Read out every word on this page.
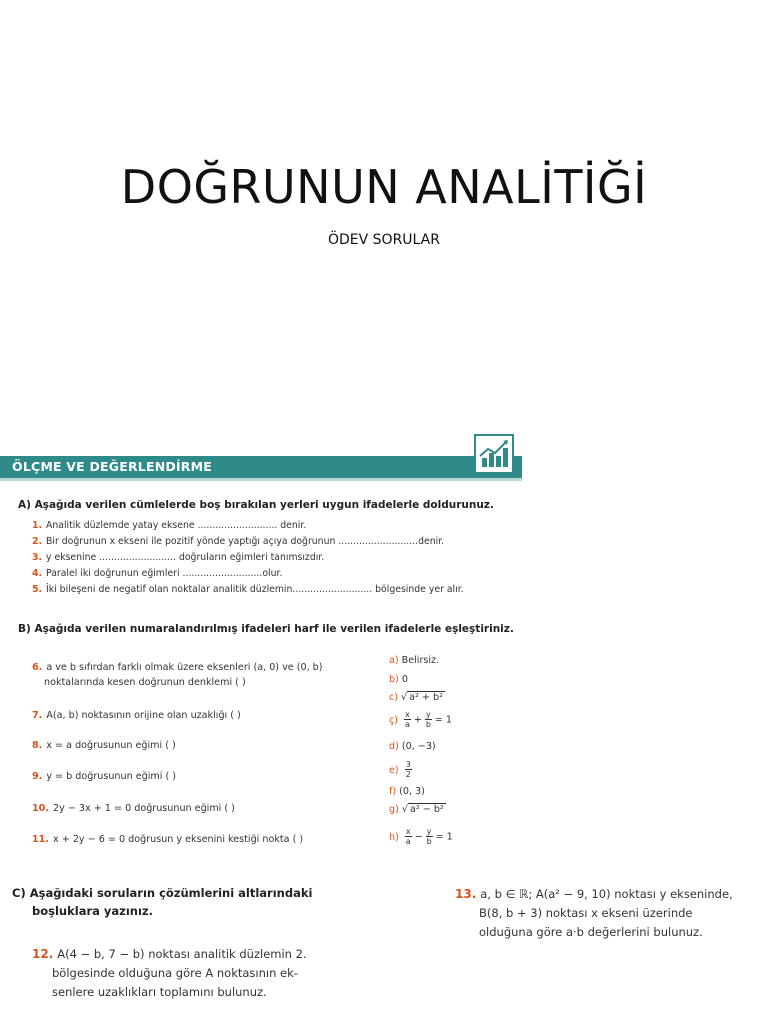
DOĞRUNUN ANALİTİĞİ
ÖDEV SORULAR
ÖLÇME VE DEĞERLENDİRME
A) Aşağıda verilen cümlelerde boş bırakılan yerleri uygun ifadelerle doldurunuz.
1. Analitik düzlemde yatay eksene ........................... denir.
2. Bir doğrunun x ekseni ile pozitif yönde yaptığı açıya doğrunun ...........................denir.
3. y eksenine .......................... doğruların eğimleri tanımsızdır.
4. Paralel iki doğrunun eğimleri ...........................olur.
5. İki bileşeni de negatif olan noktalar analitik düzlemin........................... bölgesinde yer alır.
B) Aşağıda verilen numaralandırılmış ifadeleri harf ile verilen ifadelerle eşleştiriniz.
6. a ve b sıfırdan farklı olmak üzere eksenleri (a, 0) ve (0, b)
noktalarında kesen doğrunun denklemi ( )
7. A(a, b) noktasının orijine olan uzaklığı ( )
8. x = a doğrusunun eğimi ( )
9. y = b doğrusunun eğimi ( )
10. 2y − 3x + 1 = 0 doğrusunun eğimi ( )
11. x + 2y − 6 = 0 doğrusun y eksenini kestiği nokta ( )
a) Belirsiz.
b) 0
c) √ a² + b²
ç) $\frac{x}{a} + \frac{y}{b} = 1$
d) (0, −3)
$e) \frac{3}{2}$
f) (0, 3)
g) √ a² − b²
$h) \frac{x}{a} - \frac{y}{b} = 1$
C) Aşağıdaki soruların çözümlerini altlarındaki
boşluklara yazınız.
12. A(4 − b, 7 − b) noktası analitik düzlemin 2.
bölgesinde olduğuna göre A noktasının ek-
senlere uzaklıkları toplamını bulunuz.
13. a, b ∈ ℝ; A(a² − 9, 10) noktası y ekseninde,
B(8, b + 3) noktası x ekseni üzerinde
olduğuna göre a·b değerlerini bulunuz.
